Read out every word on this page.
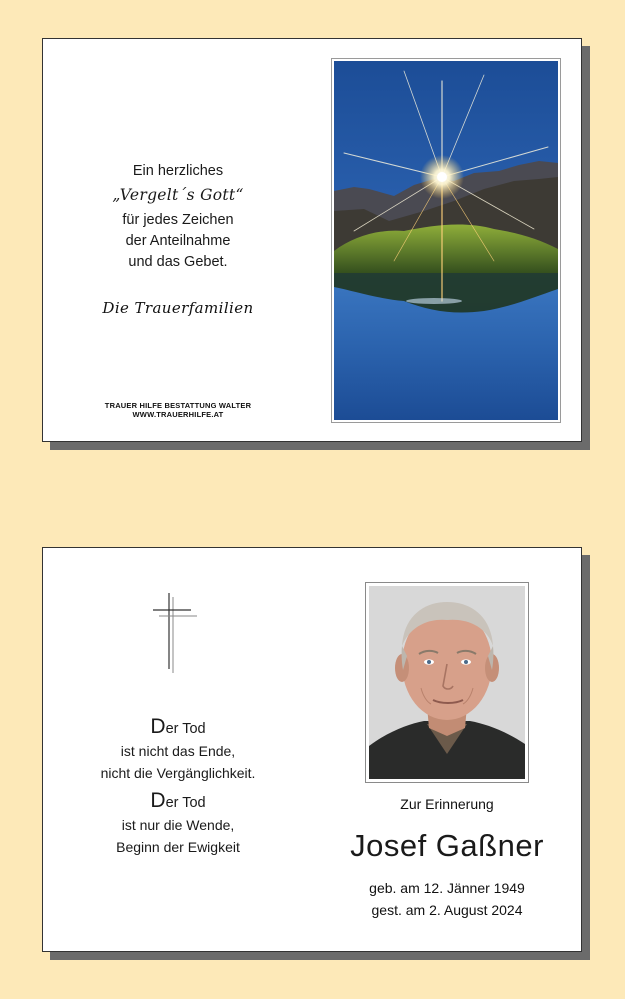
Ein herzliches
„Vergelt´s Gott“
für jedes Zeichen
der Anteilnahme
und das Gebet.
Die Trauerfamilien
TRAUER HILFE BESTATTUNG WALTER
WWW.TRAUERHILFE.AT
Der Tod
ist nicht das Ende,
nicht die Vergänglichkeit.
Der Tod
ist nur die Wende,
Beginn der Ewigkeit
Zur Erinnerung
Josef Gaßner
geb. am 12. Jänner 1949
gest. am 2. August 2024
